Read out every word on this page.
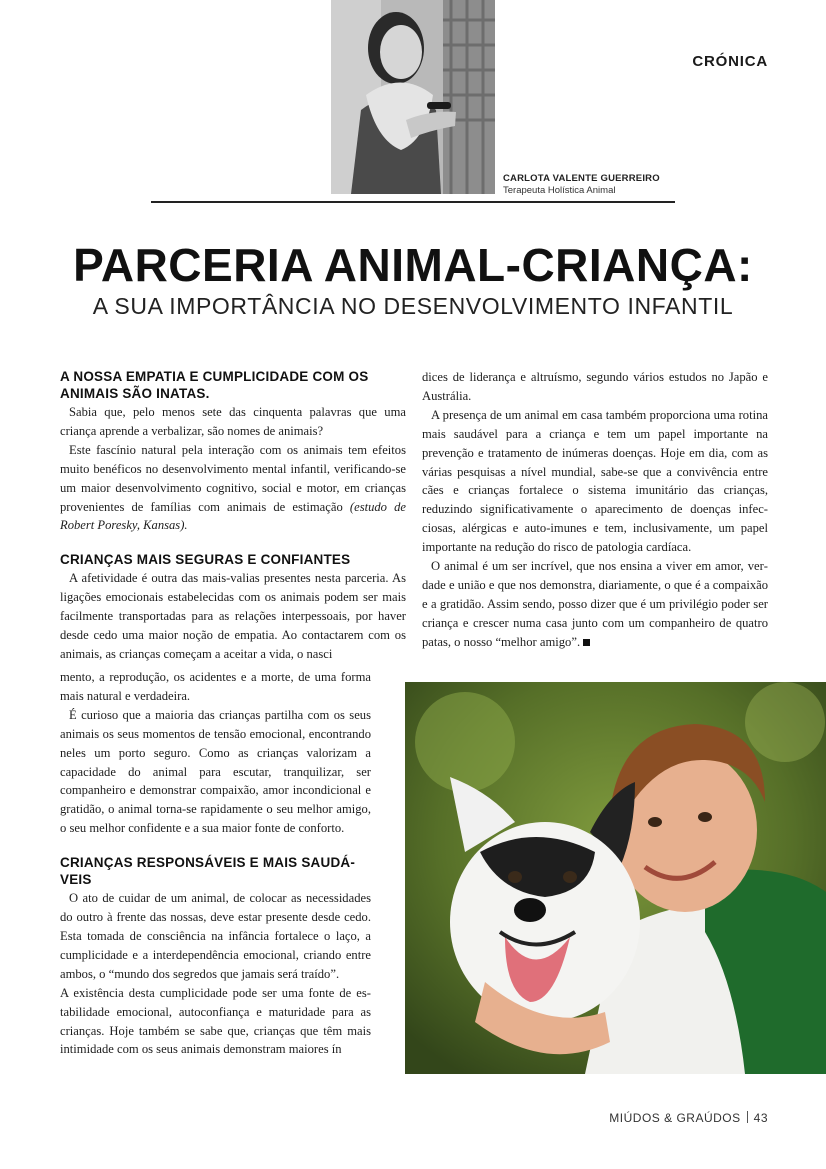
CARLOTA VALENTE GUERREIRO
Terapeuta Holística Animal
CRÓNICA
PARCERIA ANIMAL-CRIANÇA:
A SUA IMPORTÂNCIA NO DESENVOLVIMENTO INFANTIL
A NOSSA EMPATIA E CUMPLICIDADE COM OS ANIMAIS SÃO INATAS.

Sabia que, pelo menos sete das cinquenta palavras que uma criança aprende a verbalizar, são nomes de animais?

Este fascínio natural pela interação com os animais tem efeitos muito benéficos no desenvolvimento mental infantil, verificando-se um maior desenvolvimento cognitivo, social e motor, em crianças provenientes de famílias com animais de estimação (estudo de Robert Poresky, Kansas).

CRIANÇAS MAIS SEGURAS E CONFIANTES

A afetividade é outra das mais-valias presentes nesta parceria. As ligações emocionais estabelecidas com os animais podem ser mais facilmente transportadas para as relações interpessoais, por haver desde cedo uma maior noção de empatia. Ao contactarem com os animais, as crianças começam a aceitar a vida, o nasci

mento, a reprodução, os acidentes e a morte, de uma forma mais natural e verdadeira.

É curioso que a maioria das crianças partilha com os seus animais os seus momentos de tensão emocional, encontrando neles um porto seguro. Como as crianças valorizam a capacidade do animal para escutar, tranquilizar, ser companheiro e demonstrar compaixão, amor incondicional e gratidão, o animal torna-se rapidamente o seu melhor amigo, o seu melhor confidente e a sua maior fonte de conforto.

CRIANÇAS RESPONSÁVEIS E MAIS SAUDÁVEIS

O ato de cuidar de um animal, de colocar as necessidades do outro à frente das nossas, deve estar presente desde cedo. Esta tomada de consciência na infância fortalece o laço, a cumplicidade e a interdependência emocional, criando entre ambos, o “mundo dos segredos que jamais será traído”.

A existência desta cumplicidade pode ser uma fonte de estabilidade emocional, autoconfiança e maturidade para as crianças. Hoje também se sabe que, crianças que têm mais intimidade com os seus animais demonstram maiores ín

dices de liderança e altruísmo, segundo vários estudos no Japão e Austrália.

A presença de um animal em casa também proporciona uma rotina mais saudável para a criança e tem um papel importante na prevenção e tratamento de inúmeras doenças. Hoje em dia, com as várias pesquisas a nível mundial, sabe-se que a convivência entre cães e crianças fortalece o sistema imunitário das crianças, reduzindo significativamente o aparecimento de doenças infecciosas, alérgicas e auto-imunes e tem, inclusivamente, um papel importante na redução do risco de patologia cardíaca.

O animal é um ser incrível, que nos ensina a viver em amor, verdade e união e que nos demonstra, diariamente, o que é a compaixão e a gratidão. Assim sendo, posso dizer que é um privilégio poder ser criança e crescer numa casa junto com um companheiro de quatro patas, o nosso “melhor amigo”.

MIÚDOS & GRAÚDOS 43
